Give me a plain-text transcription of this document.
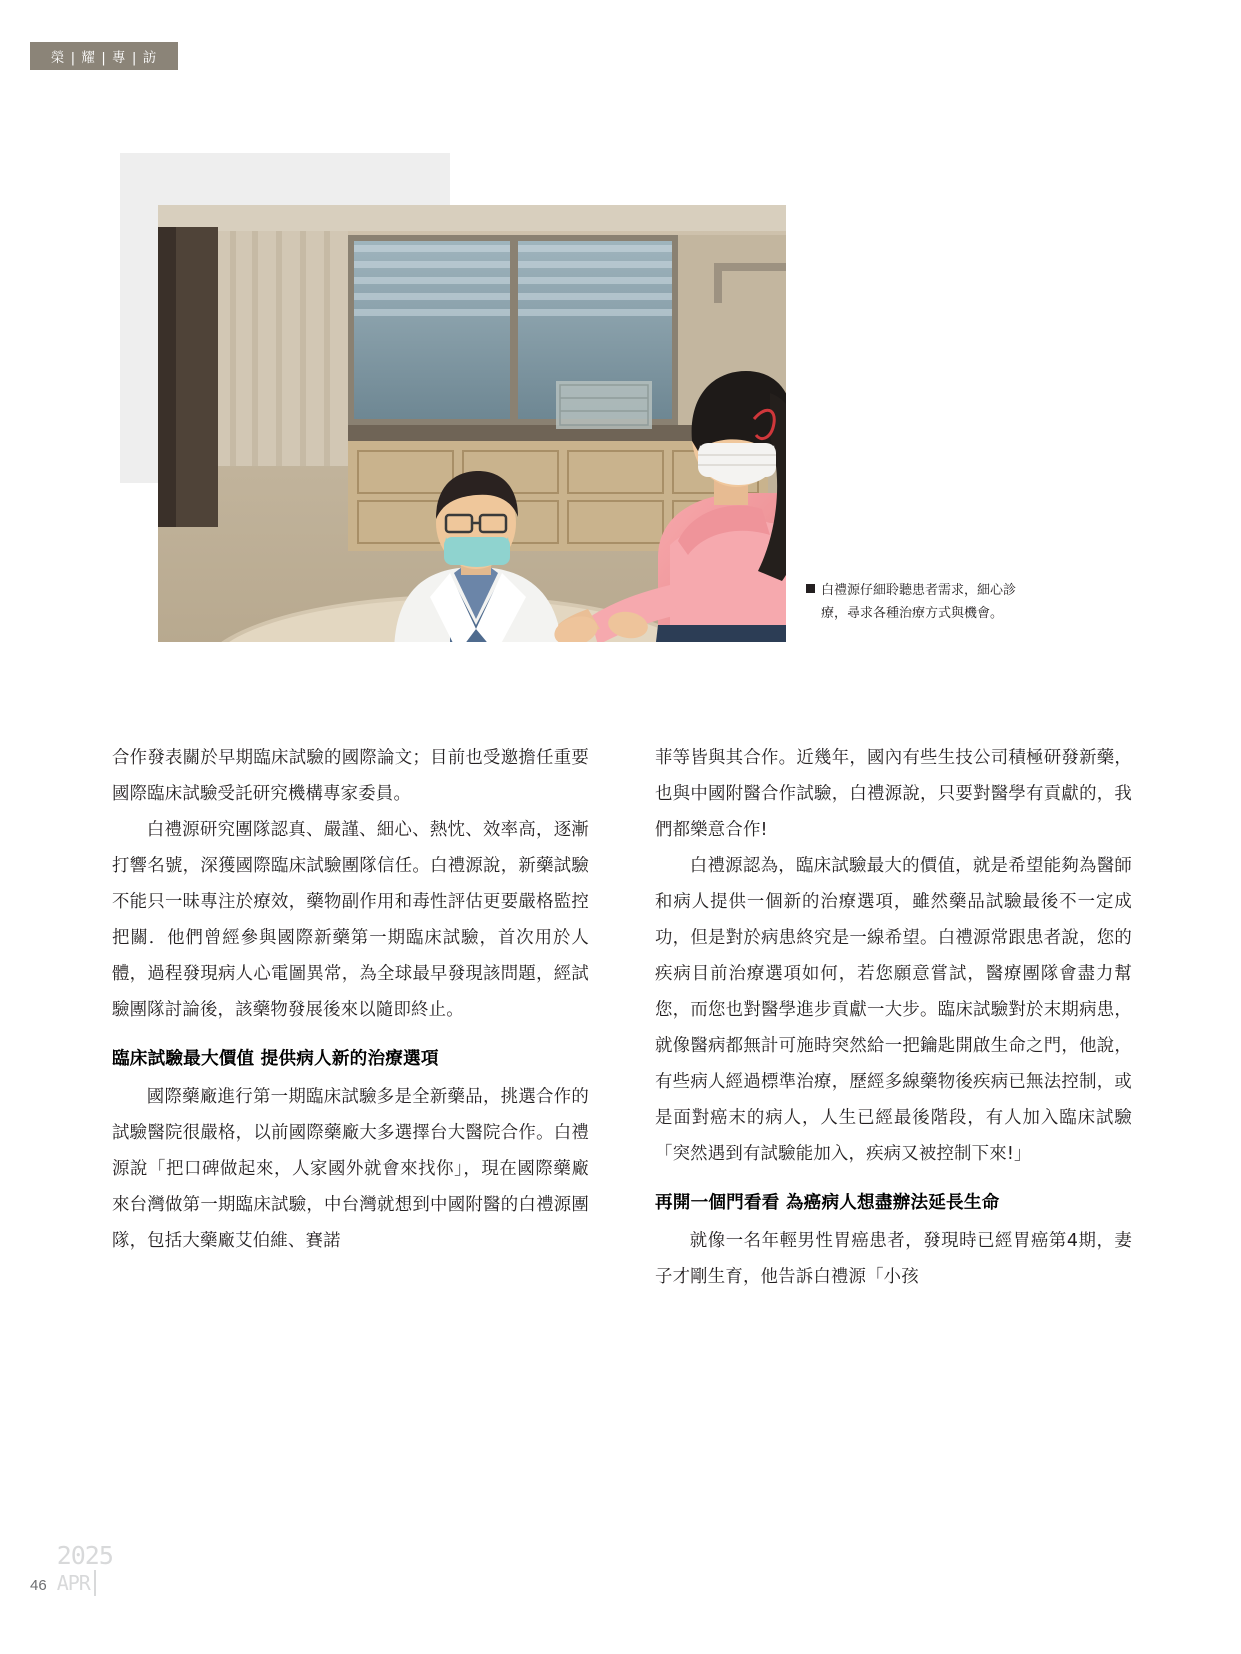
榮 | 耀 | 專 | 訪
白禮源仔細聆聽患者需求，細心診
療，尋求各種治療方式與機會。

合作發表關於早期臨床試驗的國際論文；目前也受邀擔任重要國際臨床試驗受託研究機構專家委員。

白禮源研究團隊認真、嚴謹、細心、熱忱、效率高，逐漸打響名號，深獲國際臨床試驗團隊信任。白禮源說，新藥試驗不能只一昧專注於療效，藥物副作用和毒性評估更要嚴格監控把關．他們曾經參與國際新藥第一期臨床試驗，首次用於人體，過程發現病人心電圖異常，為全球最早發現該問題，經試驗團隊討論後，該藥物發展後來以隨即終止。

臨床試驗最大價值 提供病人新的治療選項

國際藥廠進行第一期臨床試驗多是全新藥品，挑選合作的試驗醫院很嚴格，以前國際藥廠大多選擇台大醫院合作。白禮源說「把口碑做起來，人家國外就會來找你」，現在國際藥廠來台灣做第一期臨床試驗，中台灣就想到中國附醫的白禮源團隊，包括大藥廠艾伯維、賽諾

菲等皆與其合作。近幾年，國內有些生技公司積極研發新藥，也與中國附醫合作試驗，白禮源說，只要對醫學有貢獻的，我們都樂意合作!

白禮源認為，臨床試驗最大的價值，就是希望能夠為醫師和病人提供一個新的治療選項，雖然藥品試驗最後不一定成功，但是對於病患終究是一線希望。白禮源常跟患者說，您的疾病目前治療選項如何，若您願意嘗試，醫療團隊會盡力幫您，而您也對醫學進步貢獻一大步。臨床試驗對於末期病患，就像醫病都無計可施時突然給一把鑰匙開啟生命之門，他說，有些病人經過標準治療，歷經多線藥物後疾病已無法控制，或是面對癌末的病人，人生已經最後階段，有人加入臨床試驗「突然遇到有試驗能加入，疾病又被控制下來!」

再開一個門看看 為癌病人想盡辦法延長生命

就像一名年輕男性胃癌患者，發現時已經胃癌第4期，妻子才剛生育，他告訴白禮源「小孩

46
2025
APR
